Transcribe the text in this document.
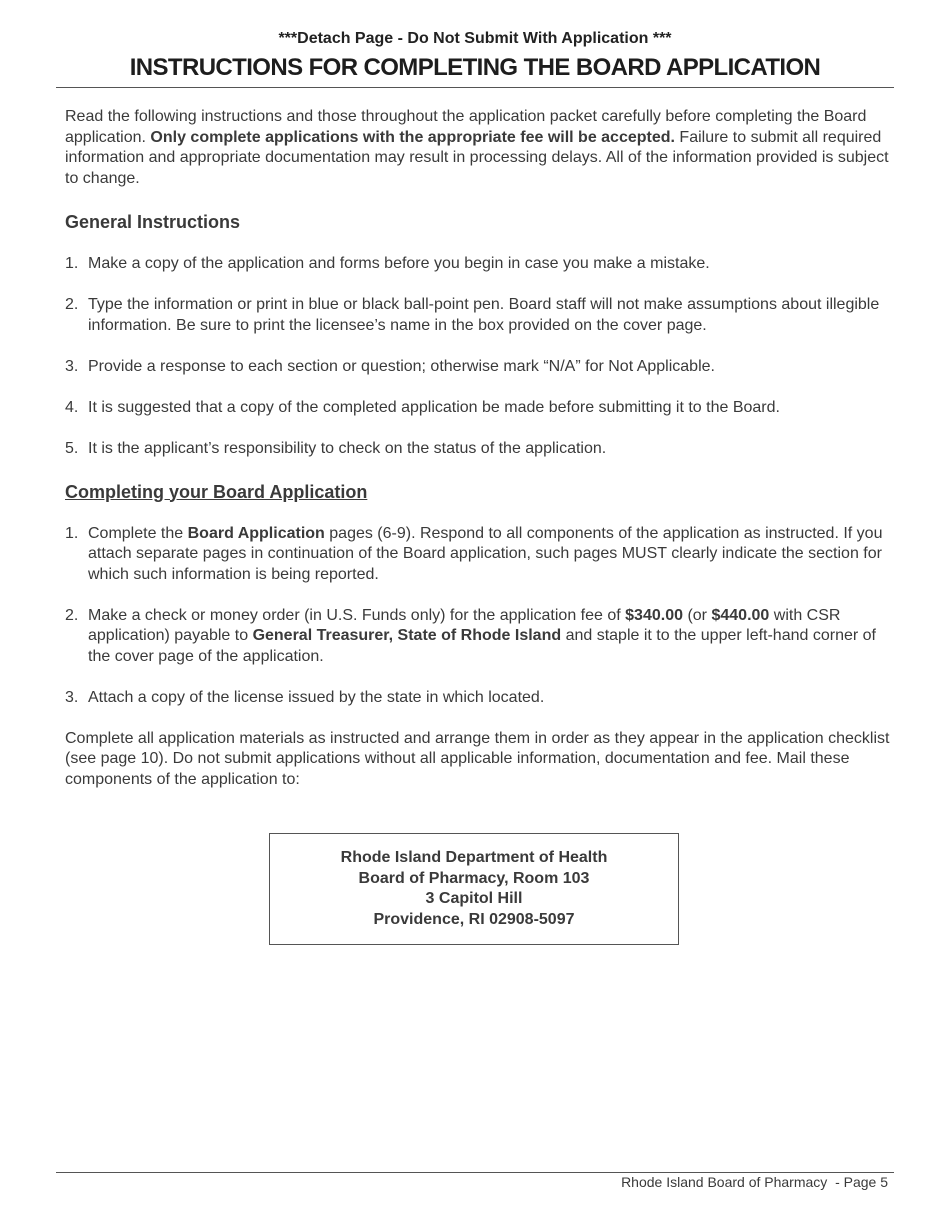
***Detach Page - Do Not Submit With Application ***

INSTRUCTIONS FOR COMPLETING THE BOARD APPLICATION

Read the following instructions and those throughout the application packet carefully before completing the Board application. Only complete applications with the appropriate fee will be accepted. Failure to submit all required information and appropriate documentation may result in processing delays. All of the information provided is subject to change.

General Instructions

1. Make a copy of the application and forms before you begin in case you make a mistake.

2. Type the information or print in blue or black ball-point pen. Board staff will not make assumptions about illegible information. Be sure to print the licensee’s name in the box provided on the cover page.

3. Provide a response to each section or question; otherwise mark “N/A” for Not Applicable.

4. It is suggested that a copy of the completed application be made before submitting it to the Board.

5. It is the applicant’s responsibility to check on the status of the application.

Completing your Board Application

1. Complete the Board Application pages (6-9). Respond to all components of the application as instructed. If you attach separate pages in continuation of the Board application, such pages MUST clearly indicate the section for which such information is being reported.

2. Make a check or money order (in U.S. Funds only) for the application fee of $340.00 (or $440.00 with CSR application) payable to General Treasurer, State of Rhode Island and staple it to the upper left-hand corner of the cover page of the application.

3. Attach a copy of the license issued by the state in which located.

Complete all application materials as instructed and arrange them in order as they appear in the application checklist (see page 10). Do not submit applications without all applicable information, documentation and fee. Mail these components of the application to:

Rhode Island Department of Health
Board of Pharmacy, Room 103
3 Capitol Hill
Providence, RI 02908-5097
Rhode Island Board of Pharmacy  - Page 5
